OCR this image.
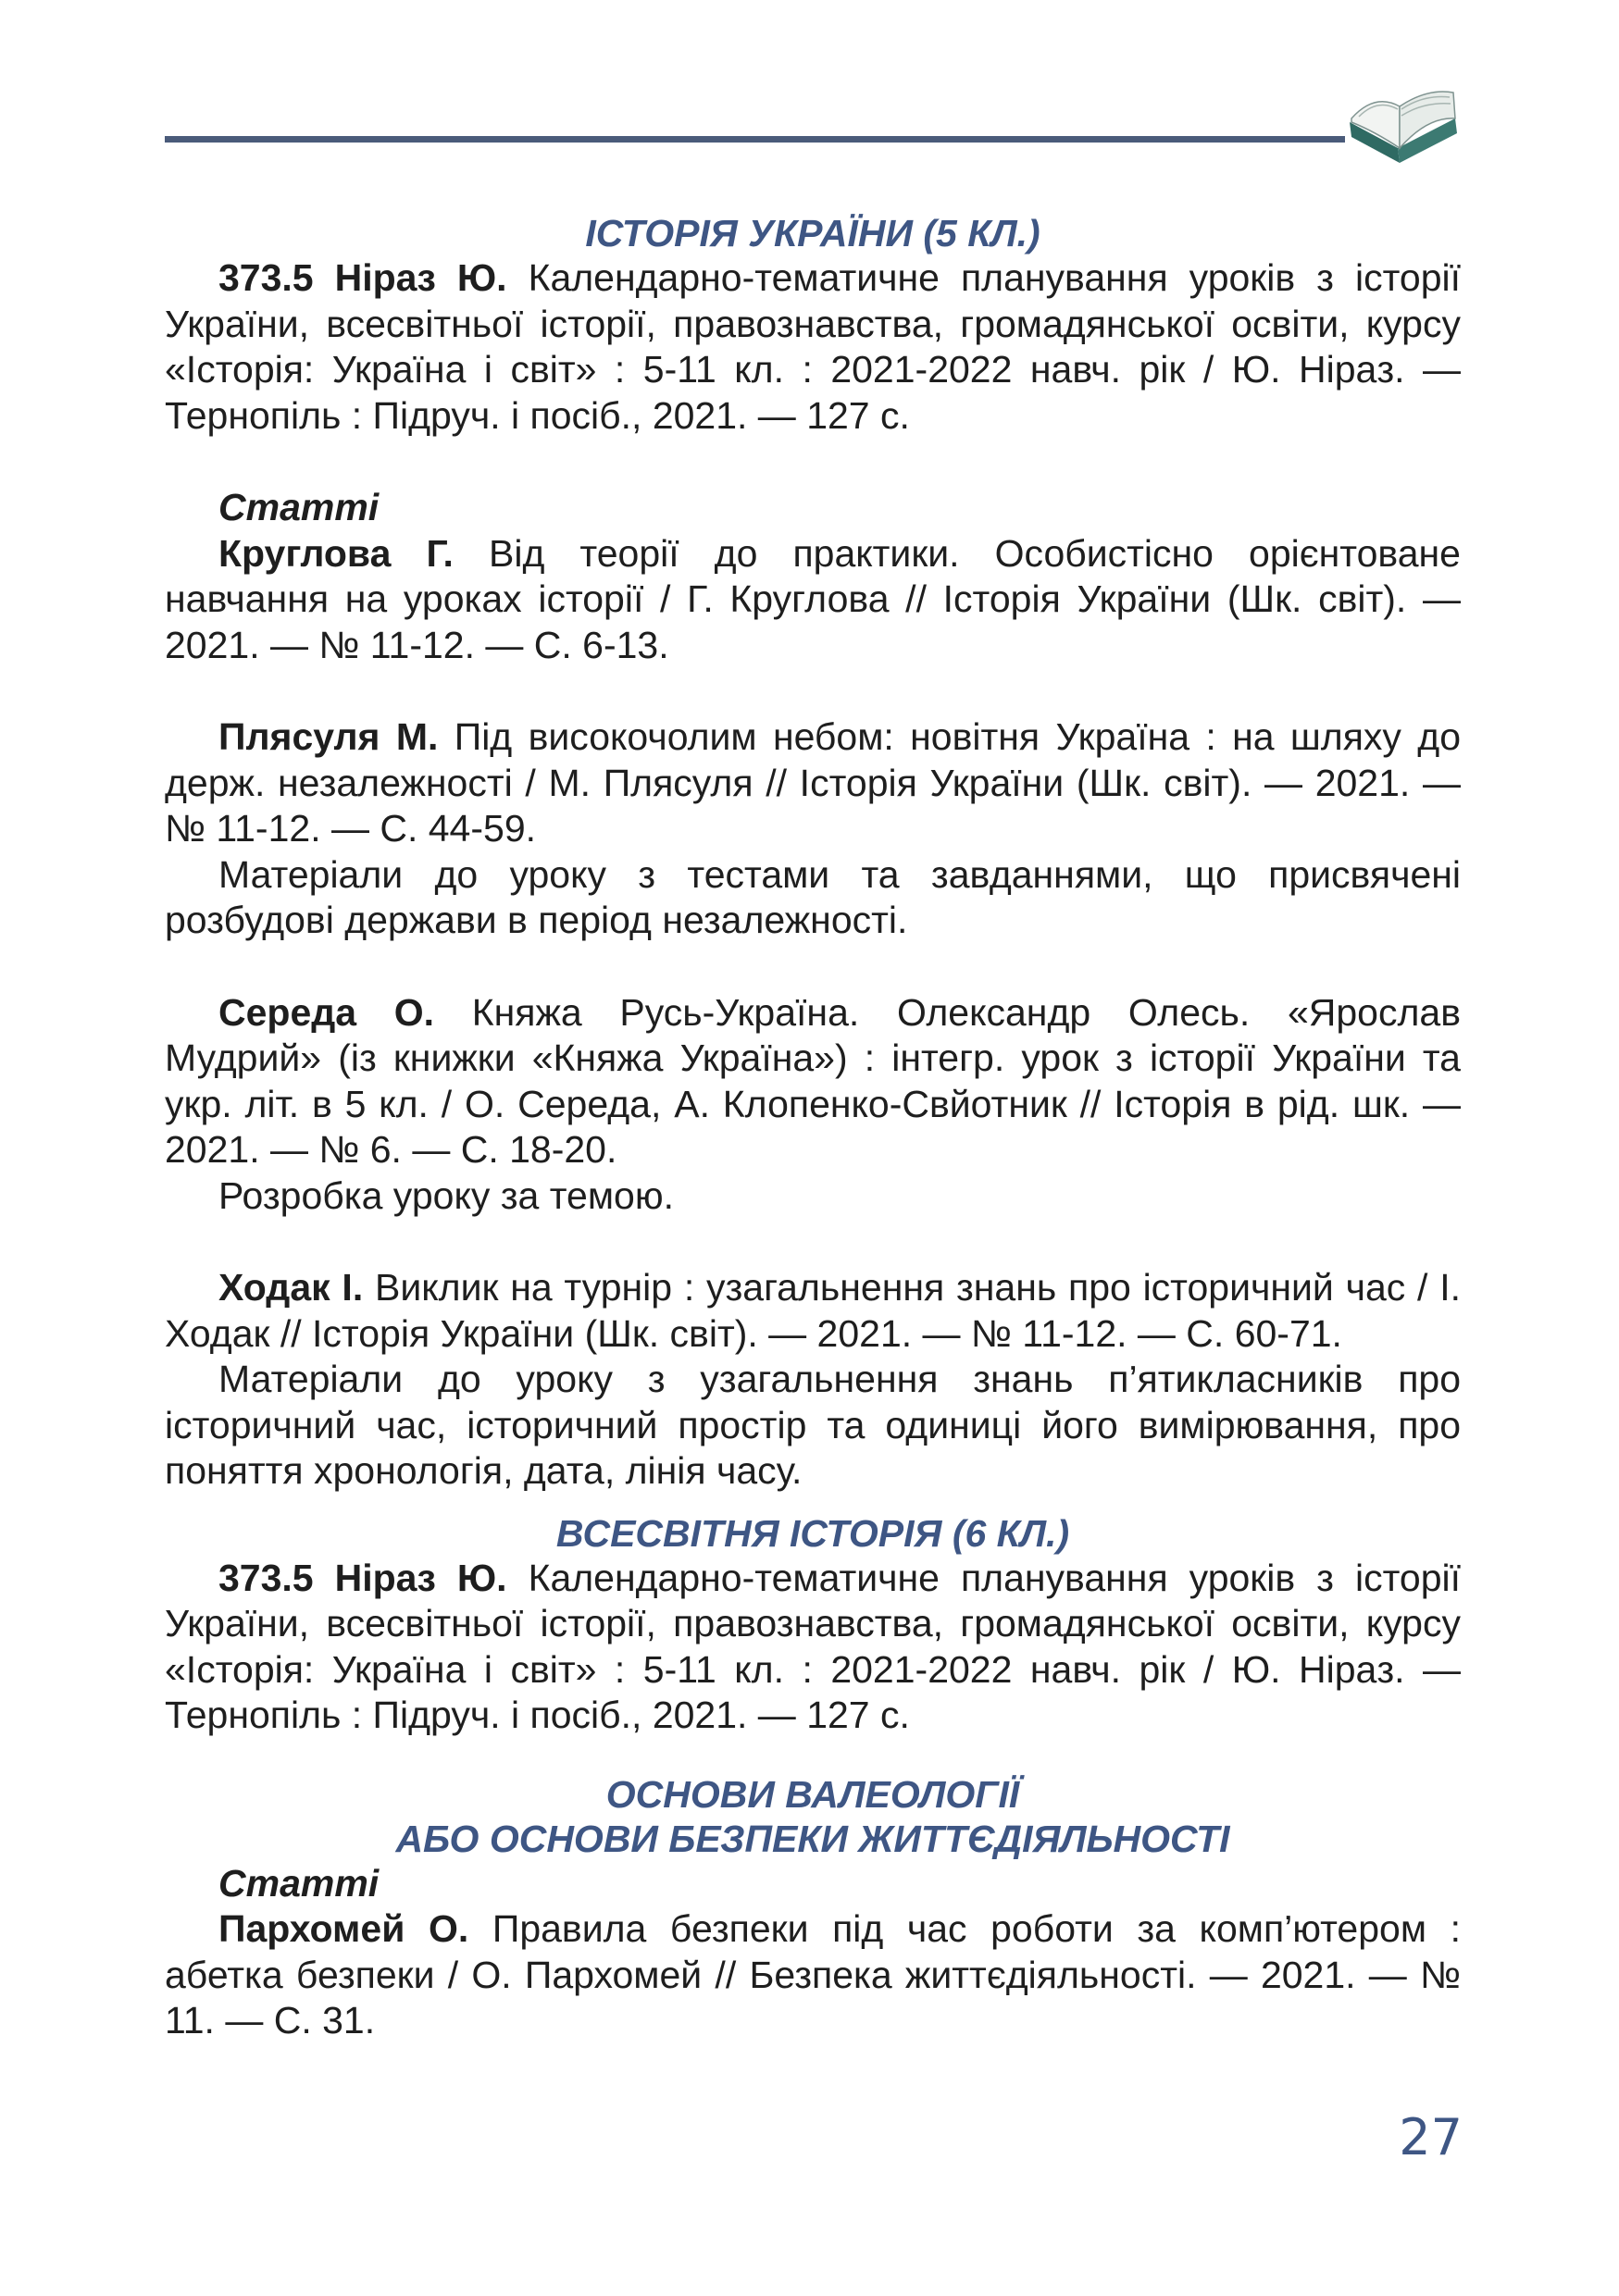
ІСТОРІЯ УКРАЇНИ (5 КЛ.)

373.5 Нірaз Ю. Календарно-тематичне планування уроків з історії України, всесвітньої історії, правознавства, громадянської освіти, курсу «Історія: Україна і світ» : 5-11 кл. : 2021-2022 навч. рік / Ю. Нірaз. — Тернопіль : Підруч. і посіб., 2021. — 127 с.

Статті

Круглова Г. Від теорії до практики. Особистісно орієнтоване навчання на уроках історії / Г. Круглова // Історія України (Шк. світ). — 2021. — № 11-12. — С. 6-13.

Плясуля М. Під високочолим небом: новітня Україна : на шляху до держ. незалежності / М. Плясуля // Історія України (Шк. світ). — 2021. — № 11-12. — С. 44-59.

Матеріали до уроку з тестами та завданнями, що присвячені розбудові держави в період незалежності.

Середа О. Княжа Русь-Україна. Олександр Олесь. «Ярослав Мудрий» (із книжки «Княжа Україна») : інтегр. урок з історії України та укр. літ. в 5 кл. / О. Середа, А. Клопенко-Свйотник // Історія в рід. шк. — 2021. — № 6. — С. 18-20.

Розробка уроку за темою.

Ходак І. Виклик на турнір : узагальнення знань про історичний час / І. Ходак // Історія України (Шк. світ). — 2021. — № 11-12. — С. 60-71.

Матеріали до уроку з узагальнення знань п’ятикласників про історичний час, історичний простір та одиниці його вимірювання, про поняття хронологія, дата, лінія часу.

ВСЕСВІТНЯ ІСТОРІЯ (6 КЛ.)

373.5 Нірaз Ю. Календарно-тематичне планування уроків з історії України, всесвітньої історії, правознавства, громадянської освіти, курсу «Історія: Україна і світ» : 5-11 кл. : 2021-2022 навч. рік / Ю. Нірaз. — Тернопіль : Підруч. і посіб., 2021. — 127 с.

ОСНОВИ ВАЛЕОЛОГІЇ
АБО ОСНОВИ БЕЗПЕКИ ЖИТТЄДІЯЛЬНОСТІ

Статті

Пархомей О. Правила безпеки під час роботи за комп’ютером : абетка безпеки / О. Пархомей // Безпека життєдіяльності. — 2021. — № 11. — С. 31.

27
